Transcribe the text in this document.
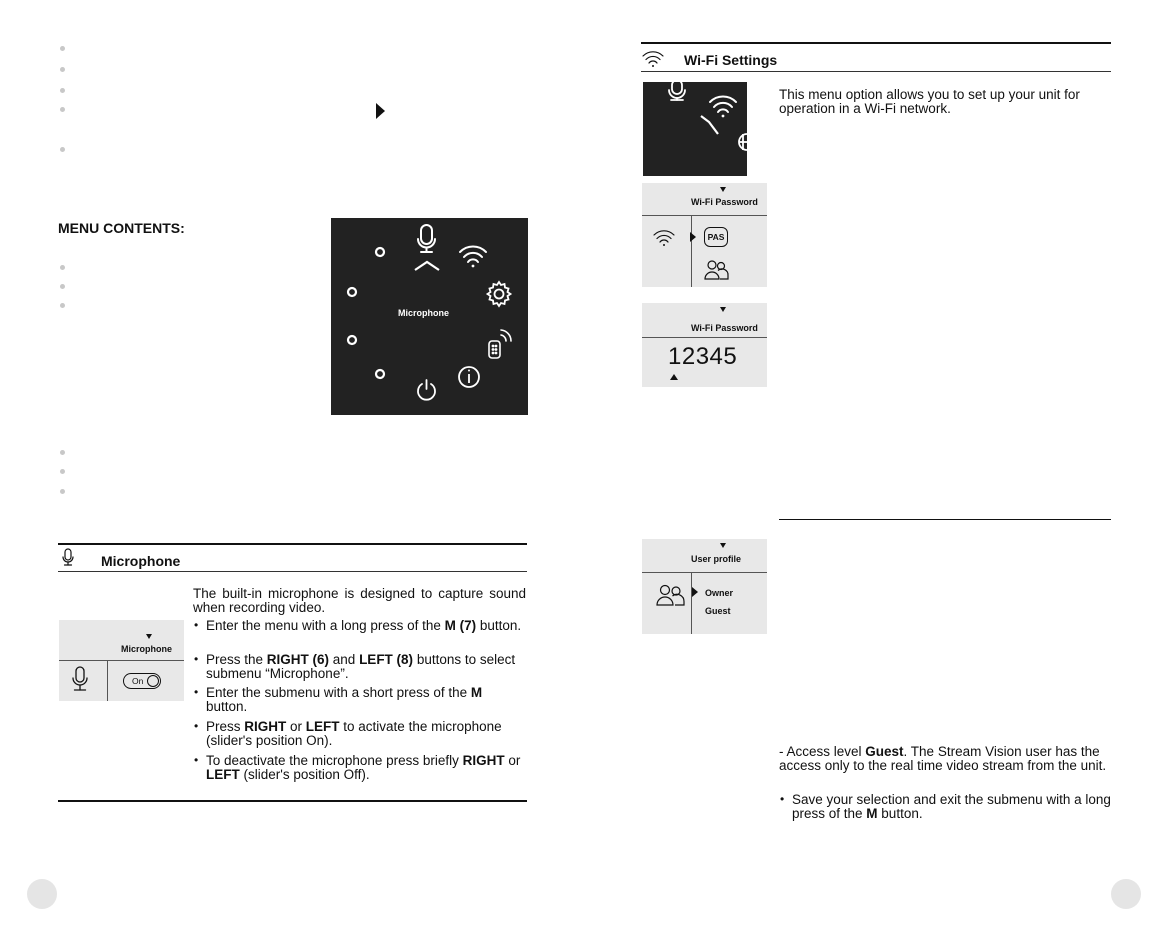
MENU CONTENTS:
Microphone
Microphone
Microphone
On
The built-in microphone is designed to capture sound when recording video.
• Enter the menu with a long press of the M (7) button.
• Press the RIGHT (6) and LEFT (8) buttons to select submenu “Microphone”.
• Enter the submenu with a short press of the M button.
• Press RIGHT or LEFT to activate the microphone (slider's position On).
• To deactivate the microphone press briefly RIGHT or LEFT (slider's position Off).
Wi-Fi Settings
This menu option allows you to set up your unit for operation in a Wi-Fi network.
Wi-Fi Password
PAS
Wi-Fi Password
12345
User profile
Owner
Guest
- Access level Guest. The Stream Vision user has the access only to the real time video stream from the unit.
• Save your selection and exit the submenu with a long press of the M button.
